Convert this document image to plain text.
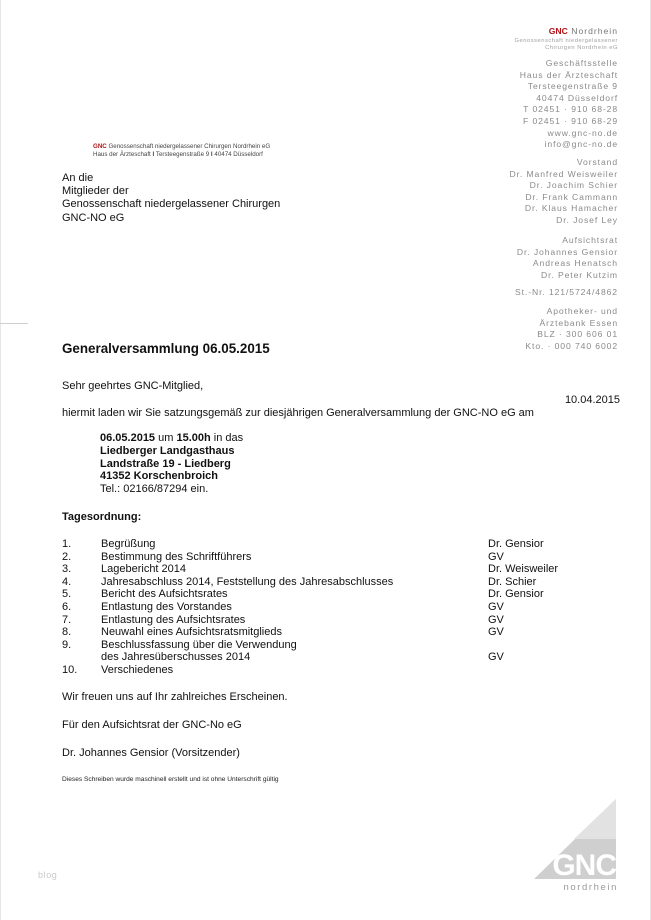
GNC Nordrhein
Genossenschaft niedergelassener
Chirurgen Nordrhein eG
Geschäftsstelle
Haus der Ärzteschaft
Tersteegenstraße 9
40474 Düsseldorf
T 02451 · 910 68-28
F 02451 · 910 68-29
www.gnc-no.de
info@gnc-no.de
Vorstand
Dr. Manfred Weisweiler
Dr. Joachim Schier
Dr. Frank Cammann
Dr. Klaus Hamacher
Dr. Josef Ley
Aufsichtsrat
Dr. Johannes Gensior
Andreas Henatsch
Dr. Peter Kutzim
St.-Nr. 121/5724/4862
Apotheker- und
Ärztebank Essen
BLZ · 300 606 01
Kto. · 000 740 6002
GNC Genossenschaft niedergelassener Chirurgen Nordrhein eG
Haus der Ärzteschaft I Tersteegenstraße 9 I 40474 Düsseldorf
An die
Mitglieder der
Genossenschaft niedergelassener Chirurgen
GNC-NO eG
Generalversammlung 06.05.2015
Sehr geehrtes GNC-Mitglied,
10.04.2015
hiermit laden wir Sie satzungsgemäß zur diesjährigen Generalversammlung der GNC-NO eG am
06.05.2015 um 15.00h in das
Liedberger Landgasthaus
Landstraße 19 - Liedberg
41352 Korschenbroich
Tel.: 02166/87294 ein.
Tagesordnung:
1.	Begrüßung	Dr. Gensior
2.	Bestimmung des Schriftführers	GV
3.	Lagebericht 2014	Dr. Weisweiler
4.	Jahresabschluss 2014, Feststellung des Jahresabschlusses	Dr. Schier
5.	Bericht des Aufsichtsrates	Dr. Gensior
6.	Entlastung des Vorstandes	GV
7.	Entlastung des Aufsichtsrates	GV
8.	Neuwahl eines Aufsichtsratsmitglieds	GV
9.	Beschlussfassung über die Verwendung des Jahresüberschusses 2014	GV
10. Verschiedenes
Wir freuen uns auf Ihr zahlreiches Erscheinen.
Für den Aufsichtsrat der GNC-No eG
Dr. Johannes Gensior (Vorsitzender)
Dieses Schreiben wurde maschinell erstellt und ist ohne Unterschrift gültig
blog	GNC
nordrhein
